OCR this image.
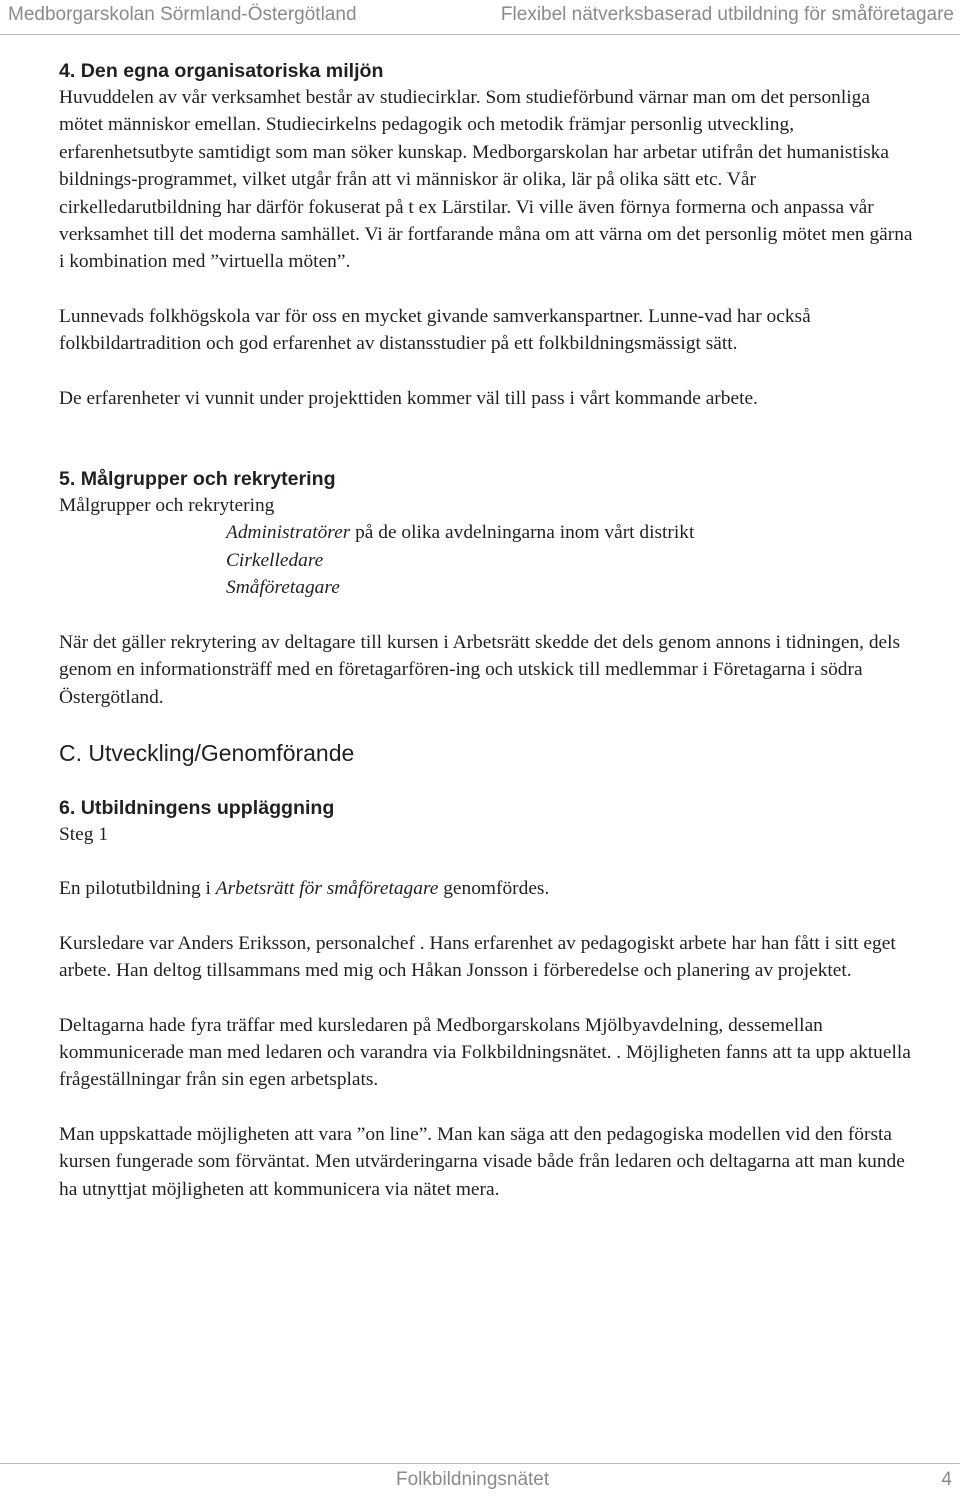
Medborgarskolan Sörmland-Östergötland	Flexibel nätverksbaserad utbildning för småföretagare
4. Den egna organisatoriska miljön

Huvuddelen av vår verksamhet består av studiecirklar. Som studieförbund värnar man om det personliga mötet människor emellan. Studiecirkelns pedagogik och metodik främjar personlig utveckling, erfarenhetsutbyte samtidigt som man söker kunskap. Medborgarskolan har arbetar utifrån det humanistiska bildnings-programmet, vilket utgår från att vi människor är olika, lär på olika sätt etc. Vår cirkelledarutbildning har därför fokuserat på t ex Lärstilar. Vi ville även förnya formerna och anpassa vår verksamhet till det moderna samhället. Vi är fortfarande måna om att värna om det personlig mötet men gärna i kombination med ”virtuella möten”.

Lunnevads folkhögskola var för oss en mycket givande samverkanspartner. Lunne-vad har också folkbildartradition och god erfarenhet av distansstudier på ett folkbildningsmässigt sätt.

De erfarenheter vi vunnit under projekttiden kommer väl till pass i vårt kommande arbete.

5. Målgrupper och rekrytering

Målgrupper och rekrytering

Administratörer på de olika avdelningarna inom vårt distrikt
Cirkelledare
Småföretagare

När det gäller rekrytering av deltagare till kursen i Arbetsrätt skedde det dels genom annons i tidningen, dels genom en informationsträff med en företagarfören-ing och utskick till medlemmar i Företagarna i södra Östergötland.

C. Utveckling/Genomförande
6. Utbildningens uppläggning

Steg 1

En pilotutbildning i Arbetsrätt för småföretagare genomfördes.

Kursledare var Anders Eriksson, personalchef . Hans erfarenhet av pedagogiskt arbete har han fått i sitt eget arbete. Han deltog tillsammans med mig och Håkan Jonsson i förberedelse och planering av projektet.

Deltagarna hade fyra träffar med kursledaren på Medborgarskolans Mjölbyavdelning, dessemellan kommunicerade man med ledaren och varandra via Folkbildningsnätet. . Möjligheten fanns att ta upp aktuella frågeställningar från sin egen arbetsplats.

Man uppskattade möjligheten att vara ”on line”. Man kan säga att den pedagogiska modellen vid den första kursen fungerade som förväntat. Men utvärderingarna visade både från ledaren och deltagarna att man kunde ha utnyttjat möjligheten att kommunicera via nätet mera.

Folkbildningsnätet	4
